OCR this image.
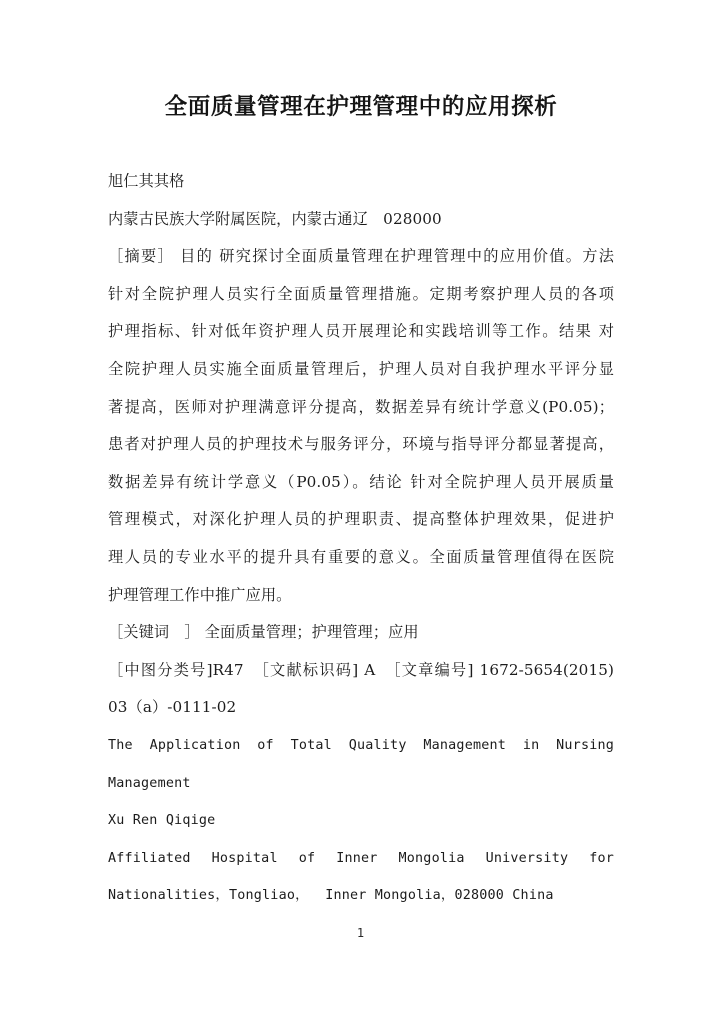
全面质量管理在护理管理中的应用探析

旭仁其其格

内蒙古民族大学附属医院，内蒙古通辽　028000

［摘要］ 目的 研究探讨全面质量管理在护理管理中的应用价值。方法

针对全院护理人员实行全面质量管理措施。定期考察护理人员的各项

护理指标、针对低年资护理人员开展理论和实践培训等工作。结果 对

全院护理人员实施全面质量管理后，护理人员对自我护理水平评分显

著提高，医师对护理满意评分提高，数据差异有统计学意义(P0.05)；

患者对护理人员的护理技术与服务评分，环境与指导评分都显著提高，

数据差异有统计学意义（P0.05）。结论 针对全院护理人员开展质量

管理模式，对深化护理人员的护理职责、提高整体护理效果，促进护

理人员的专业水平的提升具有重要的意义。全面质量管理值得在医院

护理管理工作中推广应用。

［关键词　］ 全面质量管理；护理管理；应用

［中图分类号]R47　［文献标识码] A　［文章编号] 1672-5654(2015)

03（a）-0111-02

The  Application  of  Total  Quality  Management  in  Nursing

Management

Xu Ren Qiqige

Affiliated  Hospital  of  Inner  Mongolia  University  for

Nationalities，Tongliao，  Inner Mongolia，028000 China

1
